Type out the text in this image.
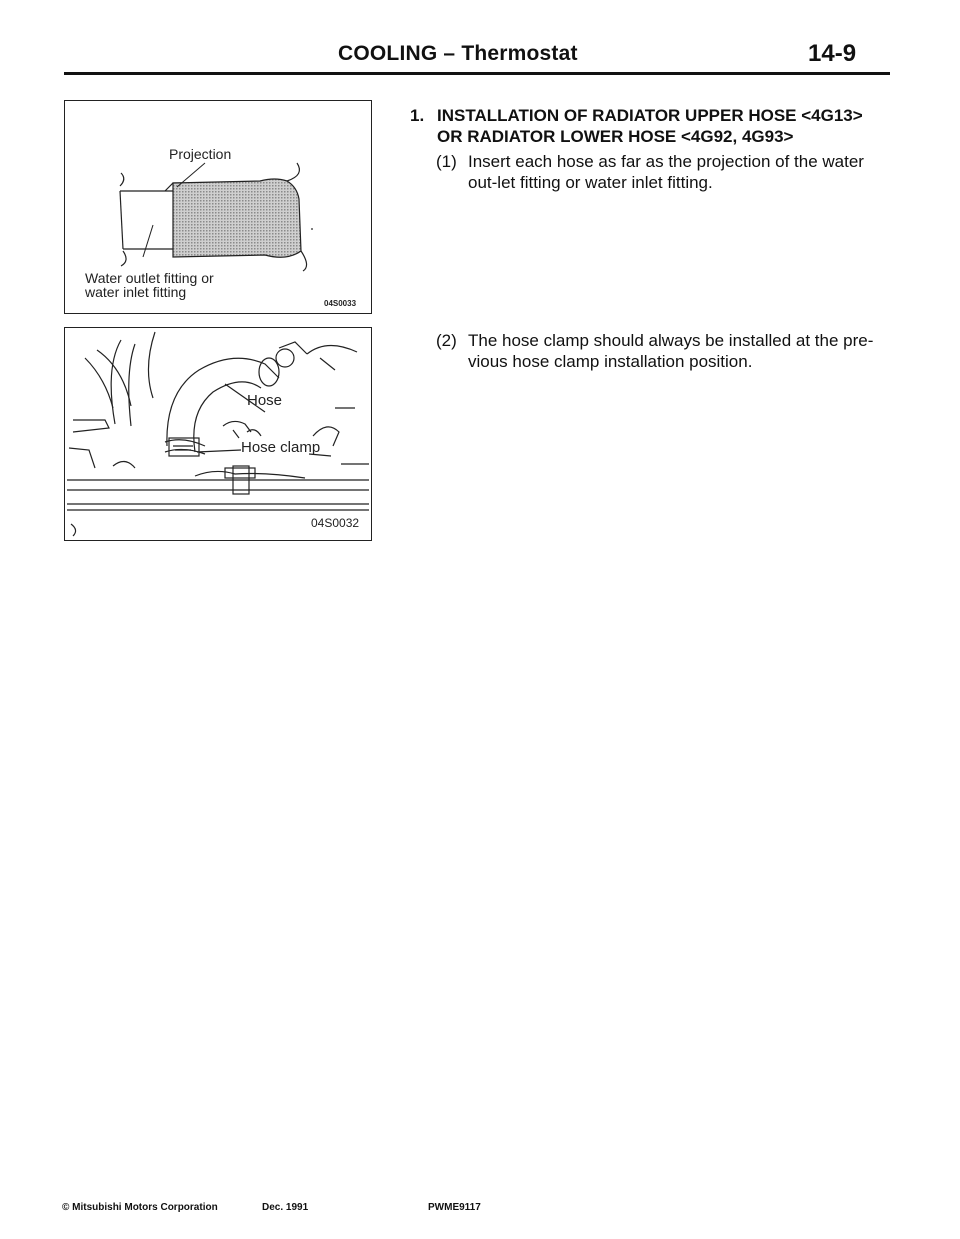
COOLING – Thermostat	14-9
Projection
Water outlet fitting or
water inlet fitting
04S0033
Hose
Hose clamp
04S0032
1. INSTALLATION OF RADIATOR UPPER HOSE <4G13> OR RADIATOR LOWER HOSE <4G92, 4G93>
(1) Insert each hose as far as the projection of the water out-let fitting or water inlet fitting.
(2) The hose clamp should always be installed at the pre-vious hose clamp installation position.
© Mitsubishi Motors Corporation	Dec. 1991	PWME9117
